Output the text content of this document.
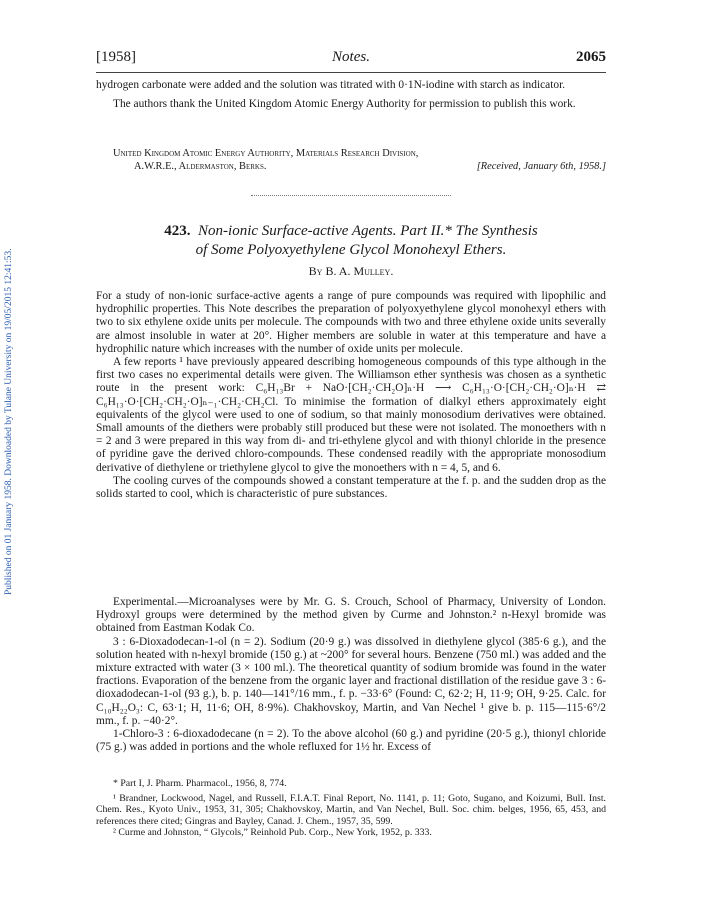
Published on 01 January 1958. Downloaded by Tulane University on 19/05/2015 12:41:53.
[1958]	Notes.	2065

hydrogen carbonate were added and the solution was titrated with 0·1N-iodine with starch as indicator.

The authors thank the United Kingdom Atomic Energy Authority for permission to publish this work.

United Kingdom Atomic Energy Authority, Materials Research Division,
A.W.R.E., Aldermaston, Berks.	[Received, January 6th, 1958.]
423. Non-ionic Surface-active Agents. Part II.* The Synthesis
of Some Polyoxyethylene Glycol Monohexyl Ethers.
By B. A. Mulley.

For a study of non-ionic surface-active agents a range of pure compounds was required with lipophilic and hydrophilic properties. This Note describes the preparation of polyoxyethylene glycol monohexyl ethers with two to six ethylene oxide units per molecule. The compounds with two and three ethylene oxide units severally are almost insoluble in water at 20°. Higher members are soluble in water at this temperature and have a hydrophilic nature which increases with the number of oxide units per molecule.

A few reports ¹ have previously appeared describing homogeneous compounds of this type although in the first two cases no experimental details were given. The Williamson ether synthesis was chosen as a synthetic route in the present work: C₆H₁₃Br + NaO·[CH₂·CH₂O]ₙ·H ⟶ C₆H₁₃·O·[CH₂·CH₂·O]ₙ·H ⇄ C₆H₁₃·O·[CH₂·CH₂·O]ₙ₋₁·CH₂·CH₂Cl. To minimise the formation of dialkyl ethers approximately eight equivalents of the glycol were used to one of sodium, so that mainly monosodium derivatives were obtained. Small amounts of the diethers were probably still produced but these were not isolated. The monoethers with n = 2 and 3 were prepared in this way from di- and tri-ethylene glycol and with thionyl chloride in the presence of pyridine gave the derived chloro-compounds. These condensed readily with the appropriate monosodium derivative of diethylene or triethylene glycol to give the monoethers with n = 4, 5, and 6.

The cooling curves of the compounds showed a constant temperature at the f. p. and the sudden drop as the solids started to cool, which is characteristic of pure substances.

Experimental.—Microanalyses were by Mr. G. S. Crouch, School of Pharmacy, University of London. Hydroxyl groups were determined by the method given by Curme and Johnston.² n-Hexyl bromide was obtained from Eastman Kodak Co.

3 : 6-Dioxadodecan-1-ol (n = 2). Sodium (20·9 g.) was dissolved in diethylene glycol (385·6 g.), and the solution heated with n-hexyl bromide (150 g.) at ~200° for several hours. Benzene (750 ml.) was added and the mixture extracted with water (3 × 100 ml.). The theoretical quantity of sodium bromide was found in the water fractions. Evaporation of the benzene from the organic layer and fractional distillation of the residue gave 3 : 6-dioxadodecan-1-ol (93 g.), b. p. 140—141°/16 mm., f. p. −33·6° (Found: C, 62·2; H, 11·9; OH, 9·25. Calc. for C₁₀H₂₂O₃: C, 63·1; H, 11·6; OH, 8·9%). Chakhovskoy, Martin, and Van Nechel ¹ give b. p. 115—115·6°/2 mm., f. p. −40·2°.

1-Chloro-3 : 6-dioxadodecane (n = 2). To the above alcohol (60 g.) and pyridine (20·5 g.), thionyl chloride (75 g.) was added in portions and the whole refluxed for 1½ hr. Excess of

* Part I, J. Pharm. Pharmacol., 1956, 8, 774.

¹ Brandner, Lockwood, Nagel, and Russell, F.I.A.T. Final Report, No. 1141, p. 11; Goto, Sugano, and Koizumi, Bull. Inst. Chem. Res., Kyoto Univ., 1953, 31, 305; Chakhovskoy, Martin, and Van Nechel, Bull. Soc. chim. belges, 1956, 65, 453, and references there cited; Gingras and Bayley, Canad. J. Chem., 1957, 35, 599.

² Curme and Johnston, “ Glycols,” Reinhold Pub. Corp., New York, 1952, p. 333.
